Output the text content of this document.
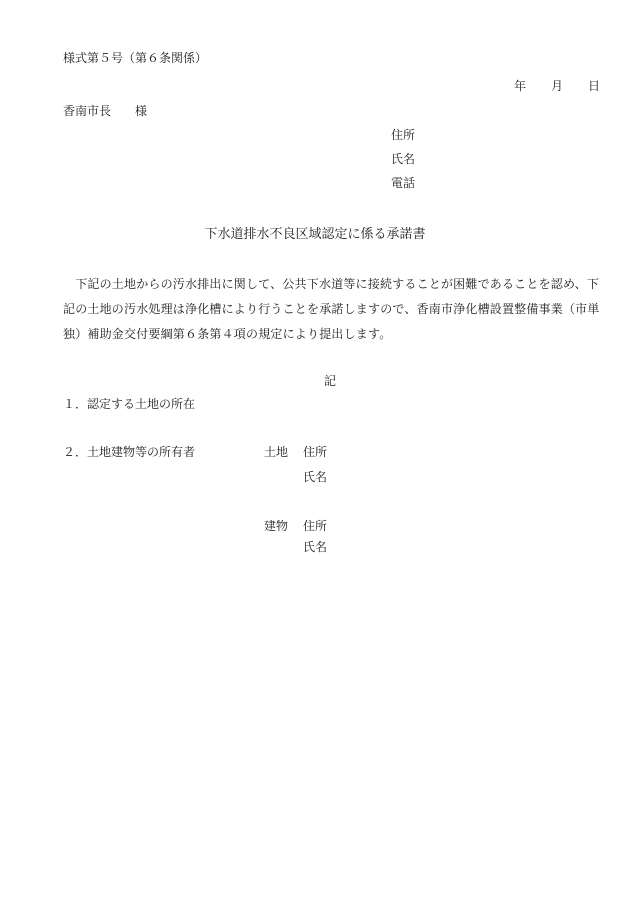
様式第５号（第６条関係）
年 月 日
香南市長　　様
住所
氏名
電話
下水道排水不良区域認定に係る承諾書
　下記の土地からの汚水排出に関して、公共下水道等に接続することが困難であることを認め、下
記の土地の汚水処理は浄化槽により行うことを承諾しますので、香南市浄化槽設置整備事業（市単
独）補助金交付要綱第６条第４項の規定により提出します。
記
１．認定する土地の所在
２．土地建物等の所有者	土地 住所
氏名
建物 住所
氏名
